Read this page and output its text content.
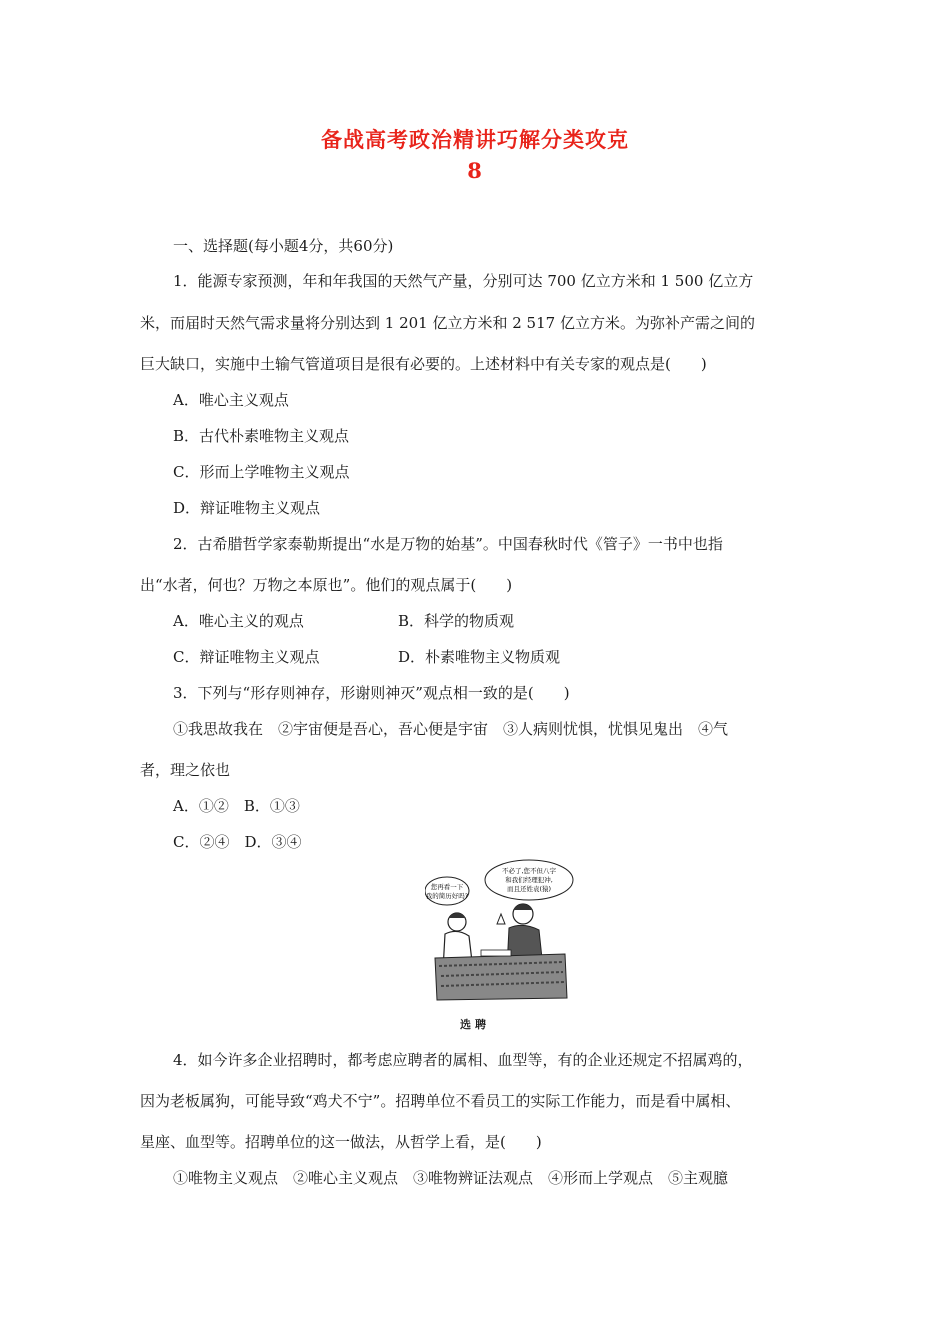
备战高考政治精讲巧解分类攻克
8
一、选择题(每小题4分，共60分)
1．能源专家预测，年和年我国的天然气产量，分别可达 700 亿立方米和 1 500 亿立方
米，而届时天然气需求量将分别达到 1 201 亿立方米和 2 517 亿立方米。为弥补产需之间的
巨大缺口，实施中土输气管道项目是很有必要的。上述材料中有关专家的观点是(　　)
A．唯心主义观点
B．古代朴素唯物主义观点
C．形而上学唯物主义观点
D．辩证唯物主义观点
2．古希腊哲学家泰勒斯提出“水是万物的始基”。中国春秋时代《管子》一书中也指
出“水者，何也？万物之本原也”。他们的观点属于(　　)
A．唯心主义的观点	B．科学的物质观
C．辩证唯物主义观点	D．朴素唯物主义物质观
3．下列与“形存则神存，形谢则神灭”观点相一致的是(　　)
①我思故我在　②宇宙便是吾心，吾心便是宇宙　③人病则忧惧，忧惧见鬼出　④气
者，理之依也
A．①②　B．①③
C．②④　D．③④
您再看一下
我的简历好吗?
不必了,您不但八字
和我们经理犯冲,
而且还姓袁(猿)
选聘
4．如今许多企业招聘时，都考虑应聘者的属相、血型等，有的企业还规定不招属鸡的，
因为老板属狗，可能导致“鸡犬不宁”。招聘单位不看员工的实际工作能力，而是看中属相、
星座、血型等。招聘单位的这一做法，从哲学上看，是(　　)
①唯物主义观点　②唯心主义观点　③唯物辨证法观点　④形而上学观点　⑤主观臆
